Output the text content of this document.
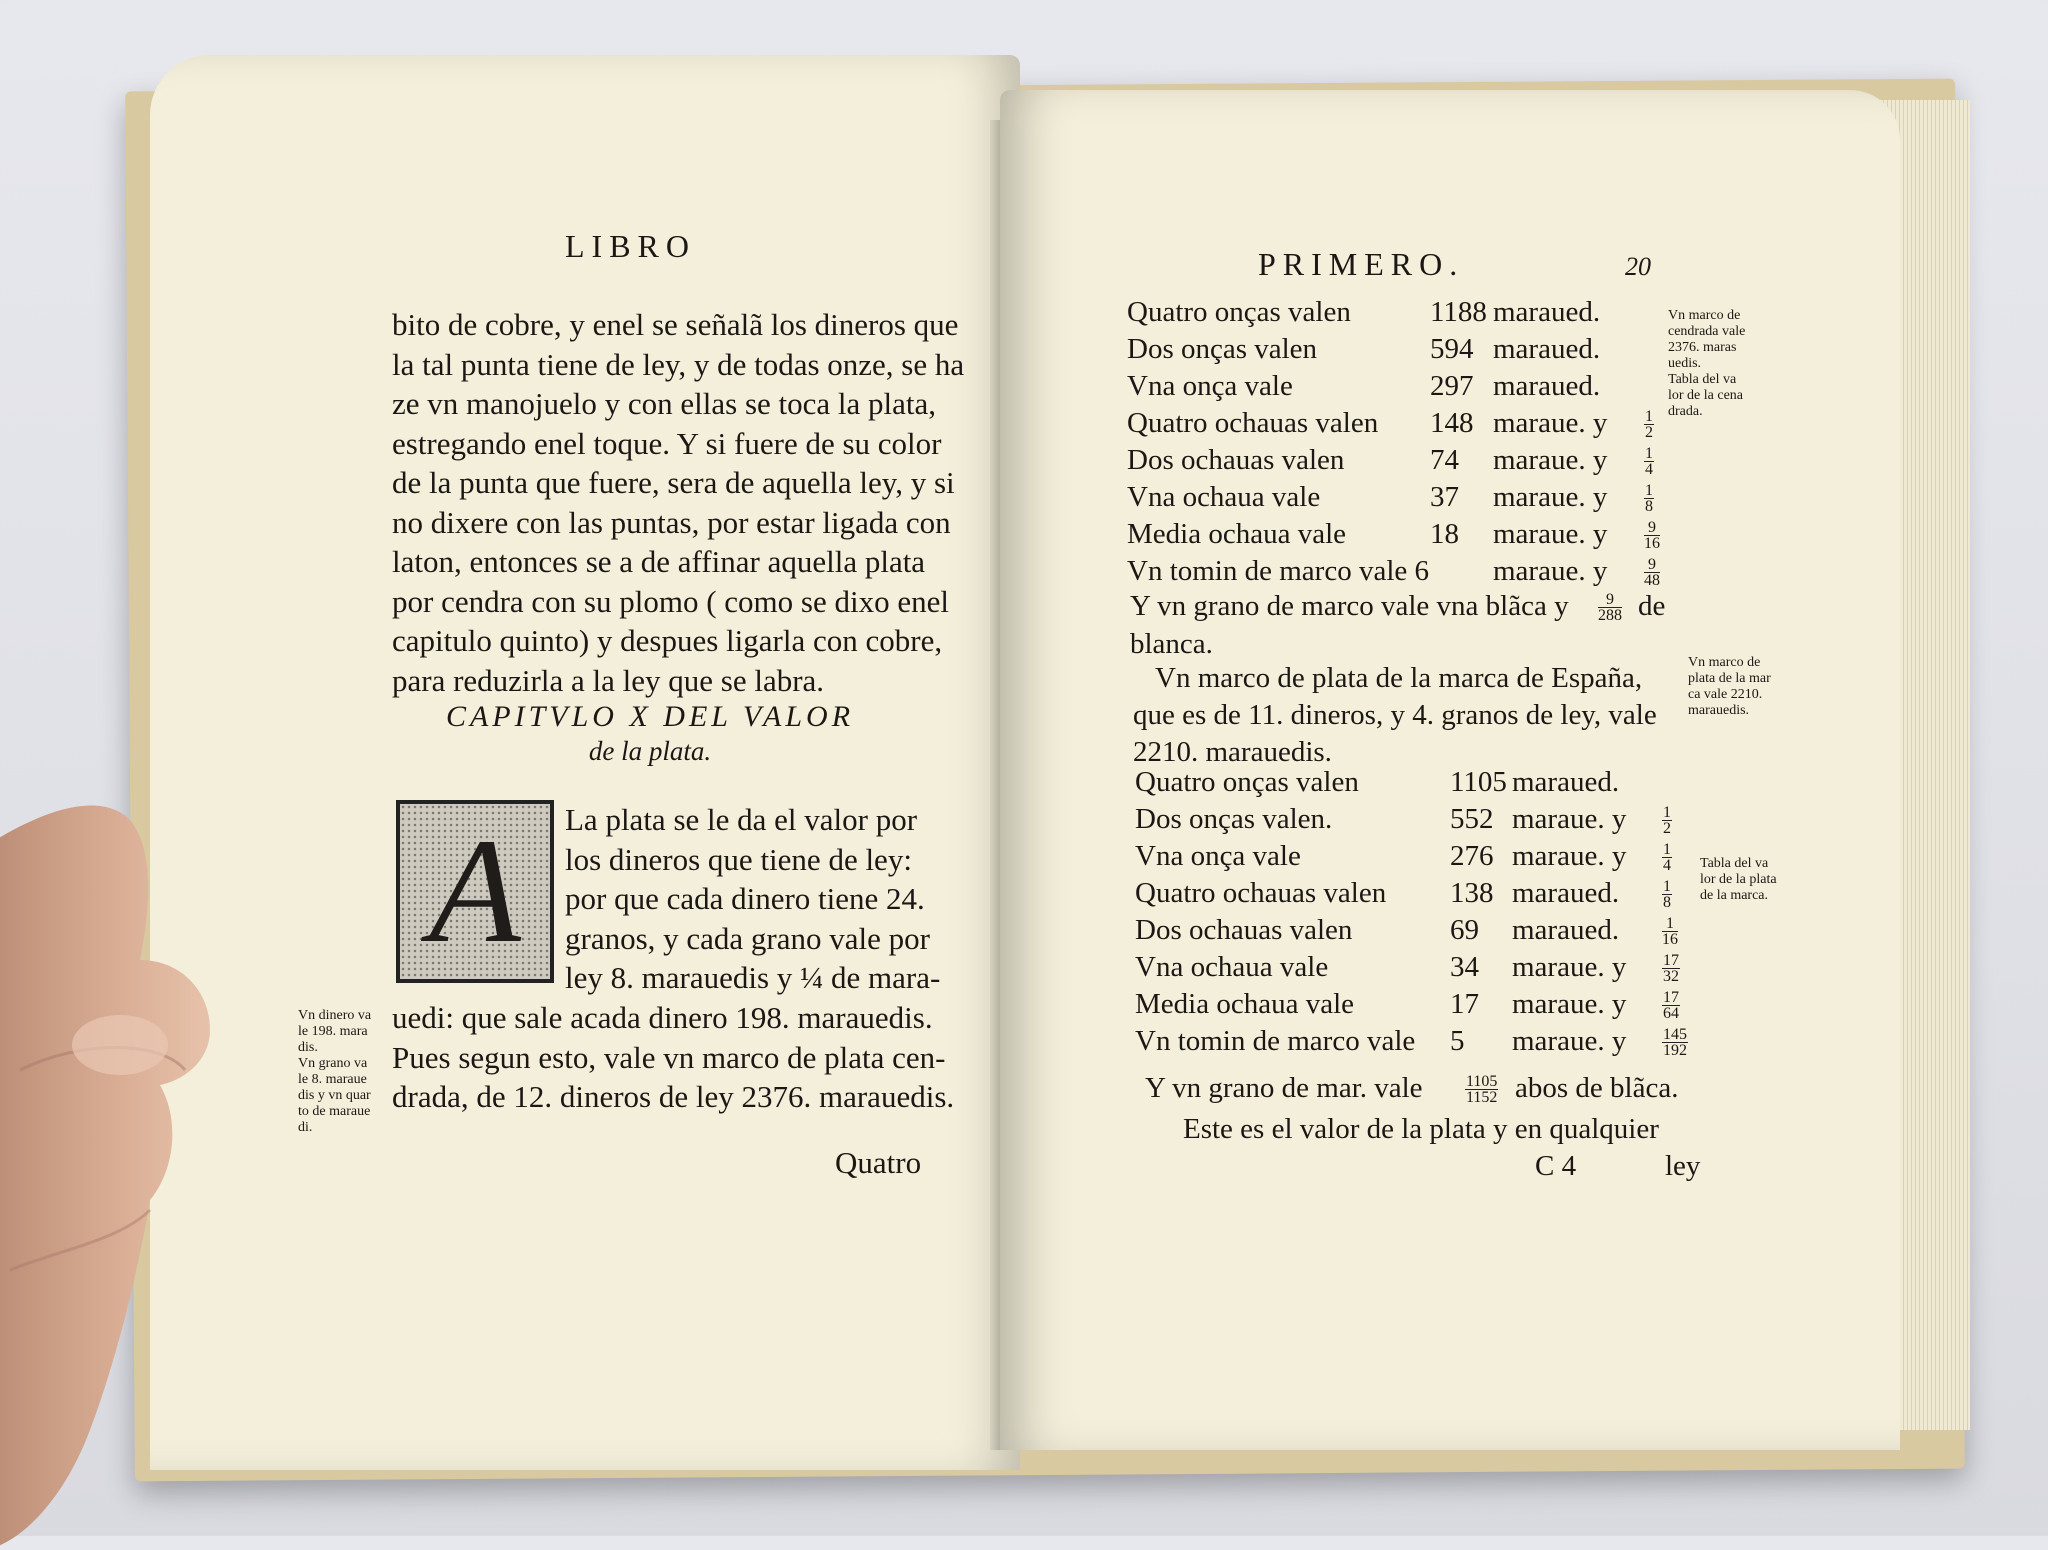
LIBRO
bito de cobre, y enel se señalã los dineros que
la tal punta tiene de ley, y de todas onze, se ha
ze vn manojuelo y con ellas se toca la plata,
estregando enel toque. Y si fuere de su color
de la punta que fuere, sera de aquella ley, y si
no dixere con las puntas, por estar ligada con
laton, entonces se a de affinar aquella plata
por cendra con su plomo ( como se dixo enel
capitulo quinto) y despues ligarla con cobre,
para reduzirla a la ley que se labra.
CAPITVLO X DEL VALOR
de la plata.
A	La plata se le da el valor por
los dineros que tiene de ley:
por que cada dinero tiene 24.
granos, y cada grano vale por
ley 8. marauedis y ¼ de mara-
uedi: que sale acada dinero 198. marauedis.
Pues segun esto, vale vn marco de plata cen-
drada, de 12. dineros de ley 2376. marauedis.
Quatro
Vn dinero va
le 198. mara
dis.
Vn grano va
le 8. maraue
dis y vn quar
to de maraue
di.
PRIMERO.	20
Quatro onças valen	1188 maraued.
Dos onças valen	594 maraued.
Vna onça vale	297 maraued.
Quatro ochauas valen 148 maraue. y $\frac{1}{2}$
Dos ochauas valen	74 maraue. y $\frac{1}{4}$
Vna ochaua vale	37 maraue. y $\frac{1}{8}$
Media ochaua vale	18 maraue. y $\frac{9}{16}$
Vn tomin de marco vale 6 maraue. y $\frac{9}{48}$
Y vn grano de marco vale vna blãca y	9
288 de
blanca.
Vn marco de plata de la marca de España,
que es de 11. dineros, y 4. granos de ley, vale
2210. marauedis.
Quatro onças valen	1105 maraued.
Dos onças valen.	552 maraue. y $\frac{1}{2}$
Vna onça vale	276 maraue. y $\frac{1}{4}$
Quatro ochauas valen 138 maraued.	$\frac{1}{8}$
Dos ochauas valen	69 maraued.	$\frac{1}{16}$
Vna ochaua vale	34 maraue. y $\frac{17}{32}$
Media ochaua vale	17 maraue. y $\frac{17}{64}$
Vn tomin de marco vale 5 maraue. y $\frac{145}{192}$
Y vn grano de mar. vale	1105
1152 abos de blãca.
Este es el valor de la plata y en qualquier
C 4	ley
Vn marco de
cendrada vale
2376. maras
uedis.
Tabla del va
lor de la cena
drada.
Vn marco de
plata de la mar
ca vale 2210.
marauedis.
Tabla del va
lor de la plata
de la marca.
